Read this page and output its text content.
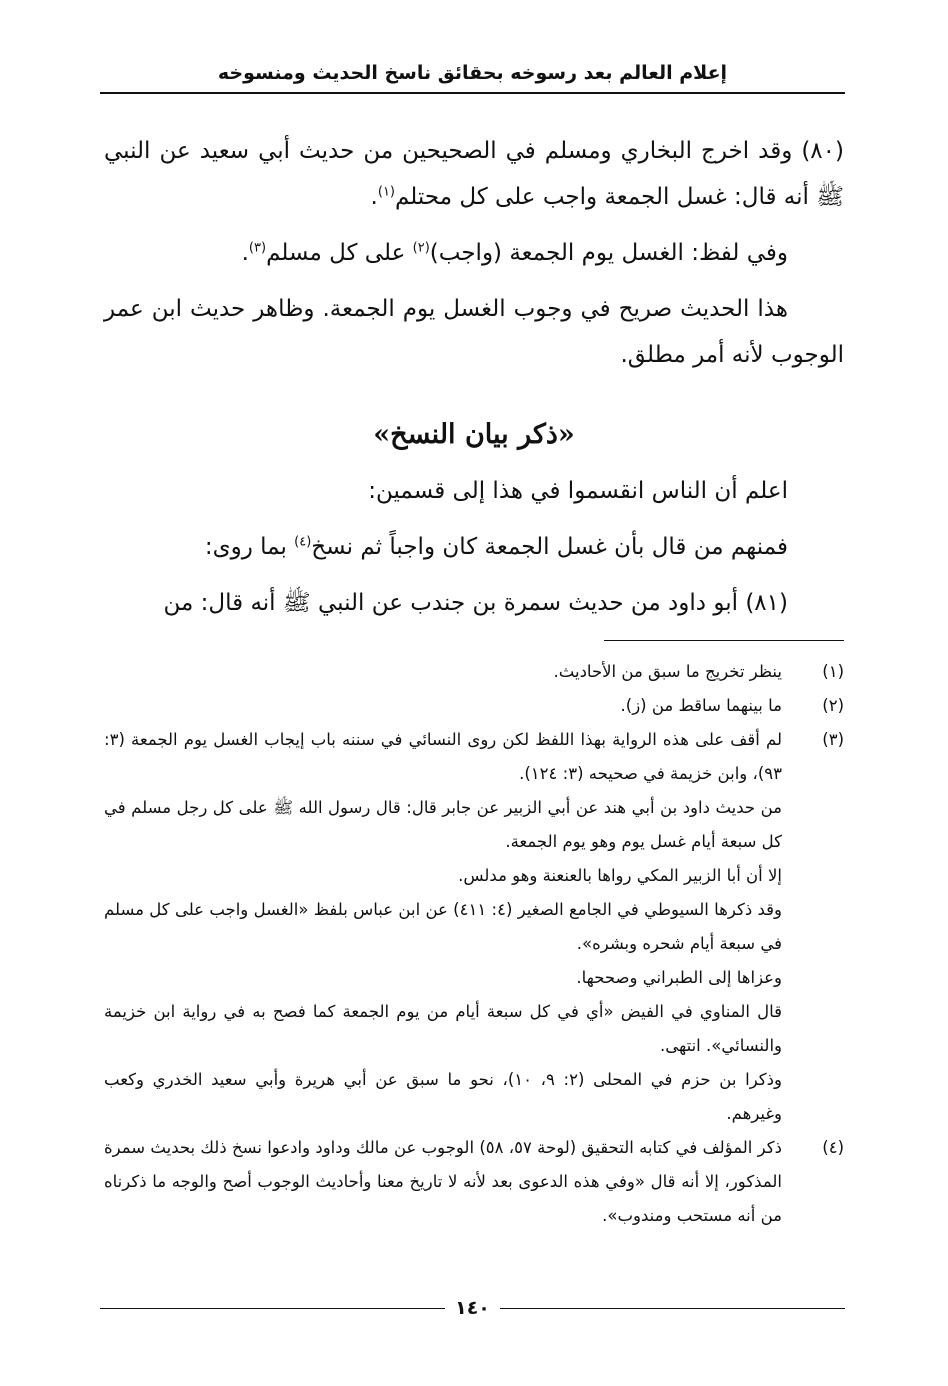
إعلام العالم بعد رسوخه بحقائق ناسخ الحديث ومنسوخه

(٨٠) وقد اخرج البخاري ومسلم في الصحيحين من حديث أبي سعيد عن النبي ﷺ أنه قال: غسل الجمعة واجب على كل محتلم$^{(١)}$.

وفي لفظ: الغسل يوم الجمعة (واجب)$^{(٢)}$ على كل مسلم$^{(٣)}$.

هذا الحديث صريح في وجوب الغسل يوم الجمعة. وظاهر حديث ابن عمر الوجوب لأنه أمر مطلق.

«ذكر بيان النسخ»

اعلم أن الناس انقسموا في هذا إلى قسمين:

فمنهم من قال بأن غسل الجمعة كان واجباً ثم نسخ$^{(٤)}$ بما روى:

(٨١) أبو داود من حديث سمرة بن جندب عن النبي ﷺ أنه قال: من

(١)

ينظر تخريج ما سبق من الأحاديث.

(٢)

ما بينهما ساقط من (ز).

(٣)

لم أقف على هذه الرواية بهذا اللفظ لكن روى النسائي في سننه باب إيجاب الغسل يوم الجمعة (٣: ٩٣)، وابن خزيمة في صحيحه (٣: ١٢٤).

من حديث داود بن أبي هند عن أبي الزبير عن جابر قال: قال رسول الله ﷺ على كل رجل مسلم في كل سبعة أيام غسل يوم وهو يوم الجمعة.

إلا أن أبا الزبير المكي رواها بالعنعنة وهو مدلس.

وقد ذكرها السيوطي في الجامع الصغير (٤: ٤١١) عن ابن عباس بلفظ «الغسل واجب على كل مسلم في سبعة أيام شحره وبشره».

وعزاها إلى الطبراني وصححها.

قال المناوي في الفيض «أي في كل سبعة أيام من يوم الجمعة كما فصح به في رواية ابن خزيمة والنسائي». انتهى.

وذكرا بن حزم في المحلى (٢: ٩، ١٠)، نحو ما سبق عن أبي هريرة وأبي سعيد الخدري وكعب وغيرهم.

(٤)

ذكر المؤلف في كتابه التحقيق (لوحة ٥٧، ٥٨) الوجوب عن مالك وداود وادعوا نسخ ذلك بحديث سمرة المذكور، إلا أنه قال «وفي هذه الدعوى بعد لأنه لا تاريخ معنا وأحاديث الوجوب أصح والوجه ما ذكرناه من أنه مستحب ومندوب».

١٤٠
